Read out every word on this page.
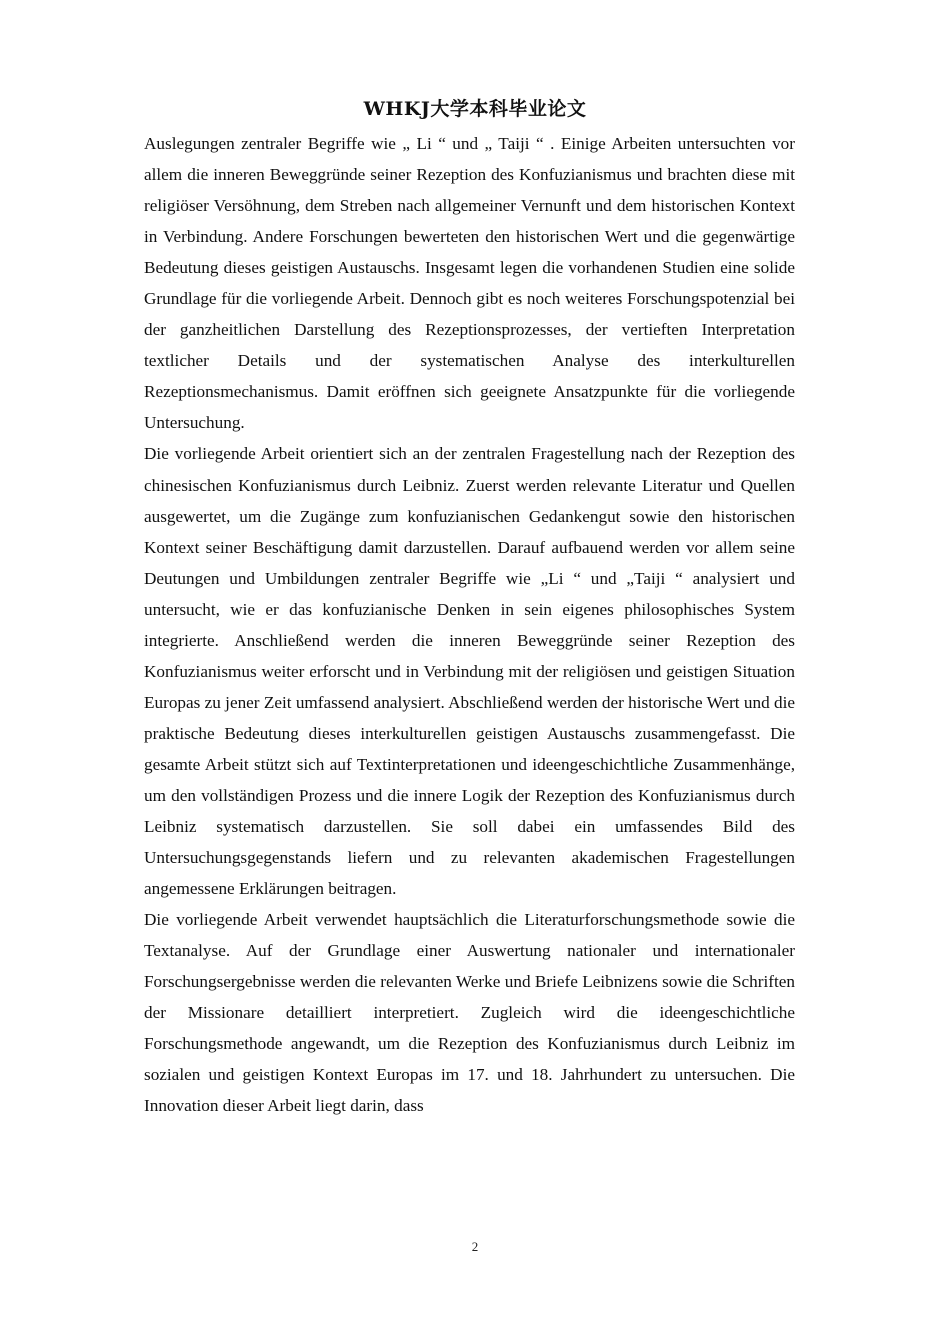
WHKJ大学本科毕业论文

Auslegungen zentraler Begriffe wie „ Li “ und „ Taiji “ . Einige Arbeiten untersuchten vor allem die inneren Beweggründe seiner Rezeption des Konfuzianismus und brachten diese mit religiöser Versöhnung, dem Streben nach allgemeiner Vernunft und dem historischen Kontext in Verbindung. Andere Forschungen bewerteten den historischen Wert und die gegenwärtige Bedeutung dieses geistigen Austauschs. Insgesamt legen die vorhandenen Studien eine solide Grundlage für die vorliegende Arbeit. Dennoch gibt es noch weiteres Forschungspotenzial bei der ganzheitlichen Darstellung des Rezeptionsprozesses, der vertieften Interpretation textlicher Details und der systematischen Analyse des interkulturellen Rezeptionsmechanismus. Damit eröffnen sich geeignete Ansatzpunkte für die vorliegende Untersuchung.

Die vorliegende Arbeit orientiert sich an der zentralen Fragestellung nach der Rezeption des chinesischen Konfuzianismus durch Leibniz. Zuerst werden relevante Literatur und Quellen ausgewertet, um die Zugänge zum konfuzianischen Gedankengut sowie den historischen Kontext seiner Beschäftigung damit darzustellen. Darauf aufbauend werden vor allem seine Deutungen und Umbildungen zentraler Begriffe wie „Li “ und „Taiji “ analysiert und untersucht, wie er das konfuzianische Denken in sein eigenes philosophisches System integrierte. Anschließend werden die inneren Beweggründe seiner Rezeption des Konfuzianismus weiter erforscht und in Verbindung mit der religiösen und geistigen Situation Europas zu jener Zeit umfassend analysiert. Abschließend werden der historische Wert und die praktische Bedeutung dieses interkulturellen geistigen Austauschs zusammengefasst. Die gesamte Arbeit stützt sich auf Textinterpretationen und ideengeschichtliche Zusammenhänge, um den vollständigen Prozess und die innere Logik der Rezeption des Konfuzianismus durch Leibniz systematisch darzustellen. Sie soll dabei ein umfassendes Bild des Untersuchungsgegenstands liefern und zu relevanten akademischen Fragestellungen angemessene Erklärungen beitragen.

Die vorliegende Arbeit verwendet hauptsächlich die Literaturforschungsmethode sowie die Textanalyse. Auf der Grundlage einer Auswertung nationaler und internationaler Forschungsergebnisse werden die relevanten Werke und Briefe Leibnizens sowie die Schriften der Missionare detailliert interpretiert. Zugleich wird die ideengeschichtliche Forschungsmethode angewandt, um die Rezeption des Konfuzianismus durch Leibniz im sozialen und geistigen Kontext Europas im 17. und 18. Jahrhundert zu untersuchen. Die Innovation dieser Arbeit liegt darin, dass

2
